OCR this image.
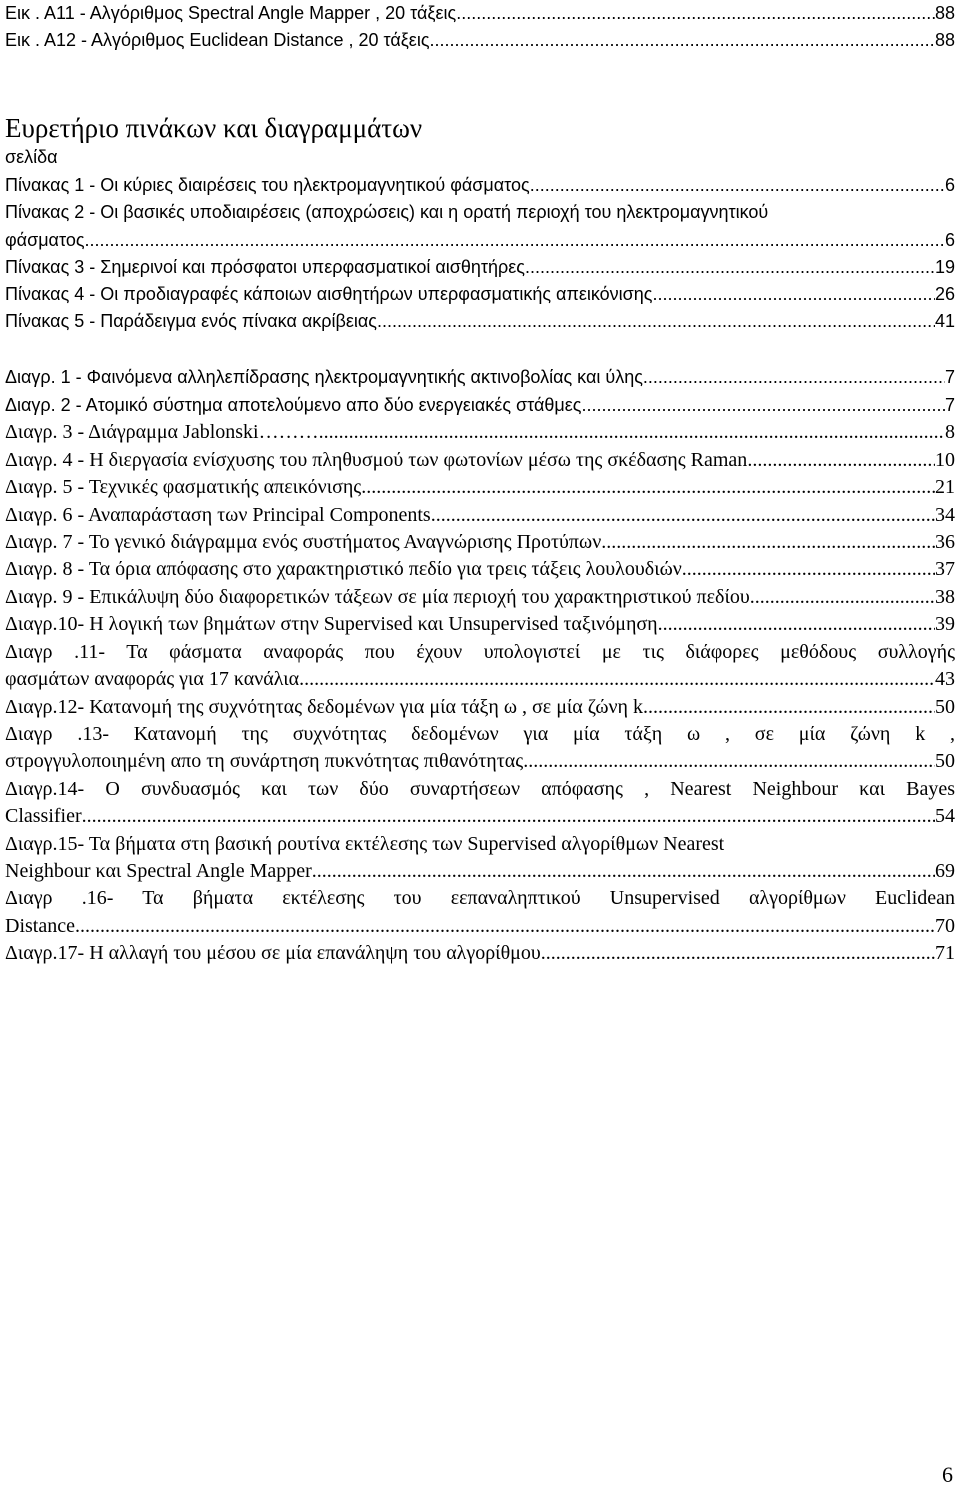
Εικ . Α11 - Αλγόριθμος Spectral Angle Mapper , 20 τάξεις .....	88
Εικ . Α12 - Αλγόριθμος Euclidean Distance , 20 τάξεις .....	88
Ευρετήριο πινάκων και διαγραμμάτων
σελίδα
Πίνακας 1 - Οι κύριες διαιρέσεις του ηλεκτρομαγνητικού φάσματος .....	6
Πίνακας 2 - Οι βασικές υποδιαιρέσεις (αποχρώσεις) και η ορατή περιοχή του ηλεκτρομαγνητικού
φάσματος .....	6
Πίνακας 3 - Σημερινοί και πρόσφατοι υπερφασματικοί αισθητήρες .....	19
Πίνακας 4 - Οι προδιαγραφές κάποιων αισθητήρων υπερφασματικής απεικόνισης .....	26
Πίνακας 5 - Παράδειγμα ενός πίνακα ακρίβειας .....	41
Διαγρ. 1 - Φαινόμενα αλληλεπίδρασης ηλεκτρομαγνητικής ακτινοβολίας και ύλης .....	7
Διαγρ. 2 - Ατομικό σύστημα αποτελούμενο απο δύο ενεργειακές στάθμες .....	7
Διαγρ. 3 - Διάγραμμα Jablonski……… .....	8
Διαγρ. 4 - Η διεργασία ενίσχυσης του πληθυσμού των φωτονίων μέσω της σκέδασης Raman .....	10
Διαγρ. 5 - Τεχνικές φασματικής απεικόνισης .....	21
Διαγρ. 6 - Αναπαράσταση των Principal Components .....	34
Διαγρ. 7 - Το γενικό διάγραμμα ενός συστήματος Αναγνώρισης Προτύπων .....	36
Διαγρ. 8 - Τα όρια απόφασης στο χαρακτηριστικό πεδίο για τρεις τάξεις λουλουδιών .....	37
Διαγρ. 9 - Επικάλυψη δύο διαφορετικών τάξεων σε μία περιοχή του χαρακτηριστικού πεδίου .....	38
Διαγρ.10- Η λογική των βημάτων στην Supervised και Unsupervised ταξινόμηση .....	39
Διαγρ .11- Τα φάσματα αναφοράς που έχουν υπολογιστεί με τις διάφορες μεθόδους συλλογής
φασμάτων αναφοράς για 17 κανάλια .....	43
Διαγρ.12- Κατανομή της συχνότητας δεδομένων για μία τάξη ω , σε μία ζώνη k .....	50
Διαγρ .13- Κατανομή της συχνότητας δεδομένων για μία τάξη ω , σε μία ζώνη k ,
στρογγυλοποιημένη απο τη συνάρτηση πυκνότητας πιθανότητας .....	50
Διαγρ.14- Ο συνδυασμός και των δύο συναρτήσεων απόφασης , Nearest Neighbour και Bayes
Classifier .....	54
Διαγρ.15- Τα βήματα στη βασική ρουτίνα εκτέλεσης των Supervised αλγορίθμων Nearest
Neighbour και Spectral Angle Mapper .....	69
Διαγρ .16- Τα βήματα εκτέλεσης του εεπαναληπτικού Unsupervised αλγορίθμων Euclidean
Distance .....	70
Διαγρ.17- Η αλλαγή του μέσου σε μία επανάληψη του αλγορίθμου .....	71
6
